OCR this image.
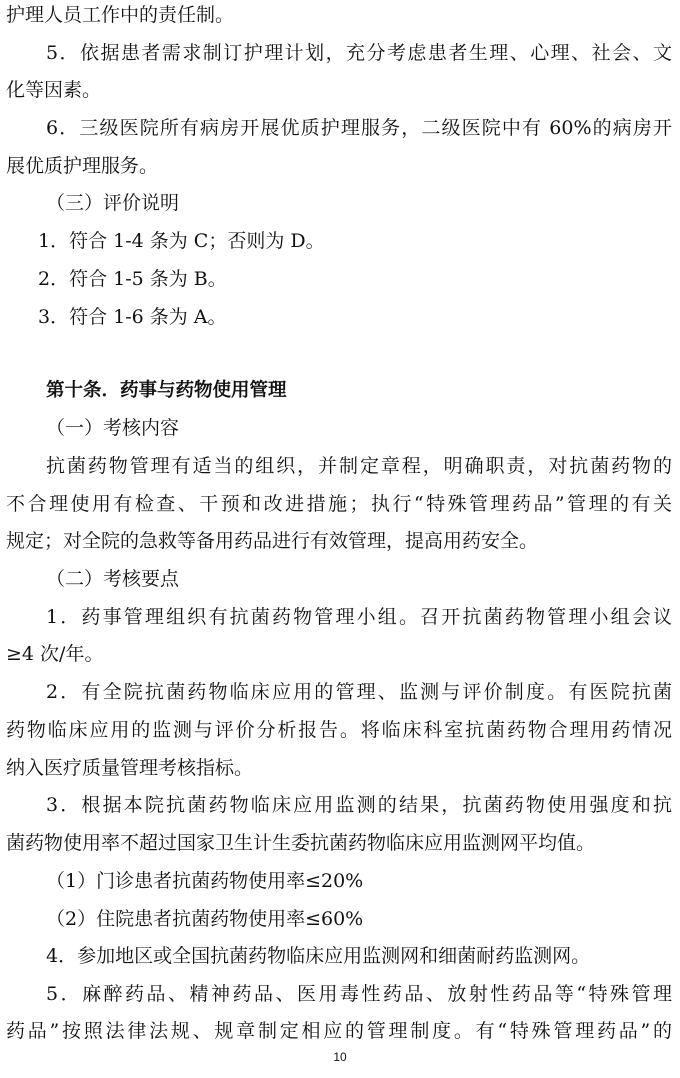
护理人员工作中的责任制。
5．依据患者需求制订护理计划，充分考虑患者生理、心理、社会、文
化等因素。
6．三级医院所有病房开展优质护理服务，二级医院中有 60%的病房开
展优质护理服务。
（三）评价说明
1．符合 1-4 条为 C；否则为 D。
2．符合 1-5 条为 B。
3．符合 1-6 条为 A。
第十条．药事与药物使用管理
（一）考核内容
抗菌药物管理有适当的组织，并制定章程，明确职责，对抗菌药物的
不合理使用有检查、干预和改进措施；执行“特殊管理药品”管理的有关
规定；对全院的急救等备用药品进行有效管理，提高用药安全。
（二）考核要点
1．药事管理组织有抗菌药物管理小组。召开抗菌药物管理小组会议
≥4 次/年。
2．有全院抗菌药物临床应用的管理、监测与评价制度。有医院抗菌
药物临床应用的监测与评价分析报告。将临床科室抗菌药物合理用药情况
纳入医疗质量管理考核指标。
3．根据本院抗菌药物临床应用监测的结果，抗菌药物使用强度和抗
菌药物使用率不超过国家卫生计生委抗菌药物临床应用监测网平均值。
（1）门诊患者抗菌药物使用率≤20%
（2）住院患者抗菌药物使用率≤60%
4．参加地区或全国抗菌药物临床应用监测网和细菌耐药监测网。
5．麻醉药品、精神药品、医用毒性药品、放射性药品等“特殊管理
药品”按照法律法规、规章制定相应的管理制度。有“特殊管理药品”的
10
